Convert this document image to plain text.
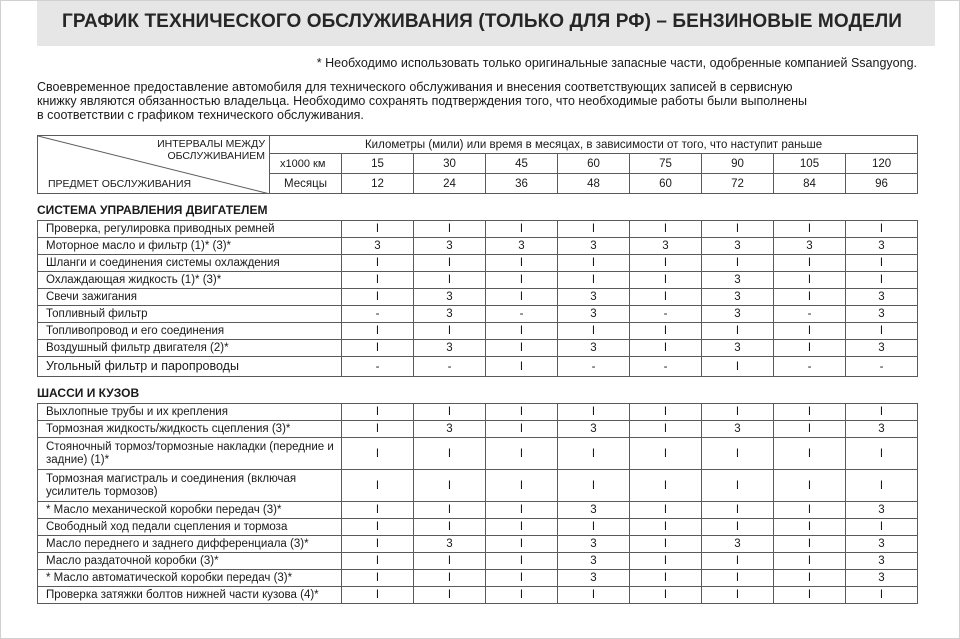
ГРАФИК ТЕХНИЧЕСКОГО ОБСЛУЖИВАНИЯ (ТОЛЬКО ДЛЯ РФ) – БЕНЗИНОВЫЕ МОДЕЛИ
* Необходимо использовать только оригинальные запасные части, одобренные компанией Ssangyong.
Своевременное предоставление автомобиля для технического обслуживания и внесения соответствующих записей в сервисную
книжку являются обязанностью владельца. Необходимо сохранять подтверждения того, что необходимые работы были выполнены
в соответствии с графиком технического обслуживания.
ИНТЕРВАЛЫ МЕЖДУ
ОБСЛУЖИВАНИЕМ
ПРЕДМЕТ ОБСЛУЖИВАНИЯ	Километры (мили) или время в месяцах, в зависимости от того, что наступит раньше								
	x1000 км	15	30	45	60	75	90	105	120
	Месяцы	12	24	36	48	60	72	84	96
СИСТЕМА УПРАВЛЕНИЯ ДВИГАТЕЛЕМ
Проверка, регулировка приводных ремней	I	I	I	I	I	I	I	I
Моторное масло и фильтр (1)* (3)*	3	3	3	3	3	3	3	3
Шланги и соединения системы охлаждения	I	I	I	I	I	I	I	I
Охлаждающая жидкость (1)* (3)*	I	I	I	I	I	3	I	I
Свечи зажигания	I	3	I	3	I	3	I	3
Топливный фильтр	-	3	-	3	-	3	-	3
Топливопровод и его соединения	I	I	I	I	I	I	I	I
Воздушный фильтр двигателя (2)*	I	3	I	3	I	3	I	3
Угольный фильтр и паропроводы	-	-	I	-	-	I	-	-
ШАССИ И КУЗОВ
Выхлопные трубы и их крепления	I	I	I	I	I	I	I	I
Тормозная жидкость/жидкость сцепления (3)*	I	3	I	3	I	3	I	3
Стояночный тормоз/тормозные накладки (передние и задние) (1)*	I	I	I	I	I	I	I	I
Тормозная магистраль и соединения (включая усилитель тормозов)	I	I	I	I	I	I	I	I
* Масло механической коробки передач (3)*	I	I	I	3	I	I	I	3
Свободный ход педали сцепления и тормоза	I	I	I	I	I	I	I	I
Масло переднего и заднего дифференциала (3)*	I	3	I	3	I	3	I	3
Масло раздаточной коробки (3)*	I	I	I	3	I	I	I	3
* Масло автоматической коробки передач (3)*	I	I	I	3	I	I	I	3
Проверка затяжки болтов нижней части кузова (4)*	I	I	I	I	I	I	I	I
